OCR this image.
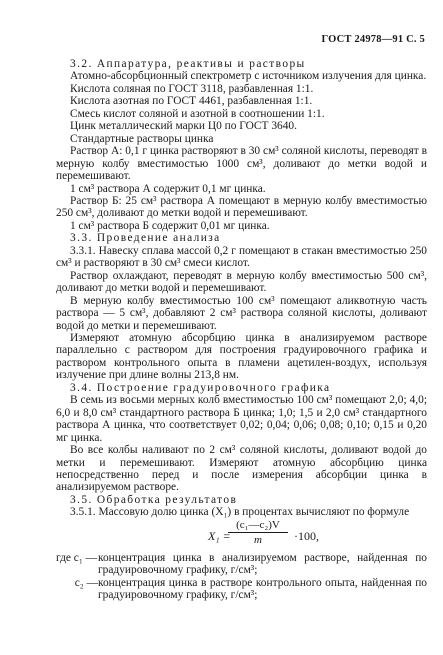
ГОСТ 24978—91 С. 5

3.2. Аппаратура, реактивы и растворы

Атомно-абсорбционный спектрометр с источником излучения для цинка.

Кислота соляная по ГОСТ 3118, разбавленная 1:1.

Кислота азотная по ГОСТ 4461, разбавленная 1:1.

Смесь кислот соляной и азотной в соотношении 1:1.

Цинк металлический марки Ц0 по ГОСТ 3640.

Стандартные растворы цинка

Раствор А: 0,1 г цинка растворяют в 30 см³ соляной кислоты, переводят в мерную колбу вместимостью 1000 см³, доливают до метки водой и перемешивают.

1 см³ раствора А содержит 0,1 мг цинка.

Раствор Б: 25 см³ раствора А помещают в мерную колбу вместимостью 250 см³, доливают до метки водой и перемешивают.

1 см³ раствора Б содержит 0,01 мг цинка.

3.3. Проведение анализа

3.3.1. Навеску сплава массой 0,2 г помещают в стакан вместимостью 250 см³ и растворяют в 30 см³ смеси кислот.

Раствор охлаждают, переводят в мерную колбу вместимостью 500 см³, доливают до метки водой и перемешивают.

В мерную колбу вместимостью 100 см³ помещают аликвотную часть раствора — 5 см³, добавляют 2 см³ раствора соляной кислоты, доливают водой до метки и перемешивают.

Измеряют атомную абсорбцию цинка в анализируемом растворе параллельно с раствором для построения градуировочного графика и раствором контрольного опыта в пламени ацетилен-воздух, используя излучение при длине волны 213,8 нм.

3.4. Построение градуировочного графика

В семь из восьми мерных колб вместимостью 100 см³ помещают 2,0; 4,0; 6,0 и 8,0 см³ стандартного раствора Б цинка; 1,0; 1,5 и 2,0 см³ стандартного раствора А цинка, что соответствует 0,02; 0,04; 0,06; 0,08; 0,10; 0,15 и 0,20 мг цинка.

Во все колбы наливают по 2 см³ соляной кислоты, доливают водой до метки и перемешивают. Измеряют атомную абсорбцию цинка непосредственно перед и после измерения абсорбции цинка в анализируемом растворе.

3.5. Обработка результатов

3.5.1. Массовую долю цинка (X₁) в процентах вычисляют по формуле

X₁ =
$\frac{\text{(c₁—c₂)V}}{m} \cdot 100$,
где c₁ — концентрация цинка в анализируемом растворе, найденная по градуировочному графику, г/см³;
c₂ — концентрация цинка в растворе контрольного опыта, найденная по градуировочному графику, г/см³;
